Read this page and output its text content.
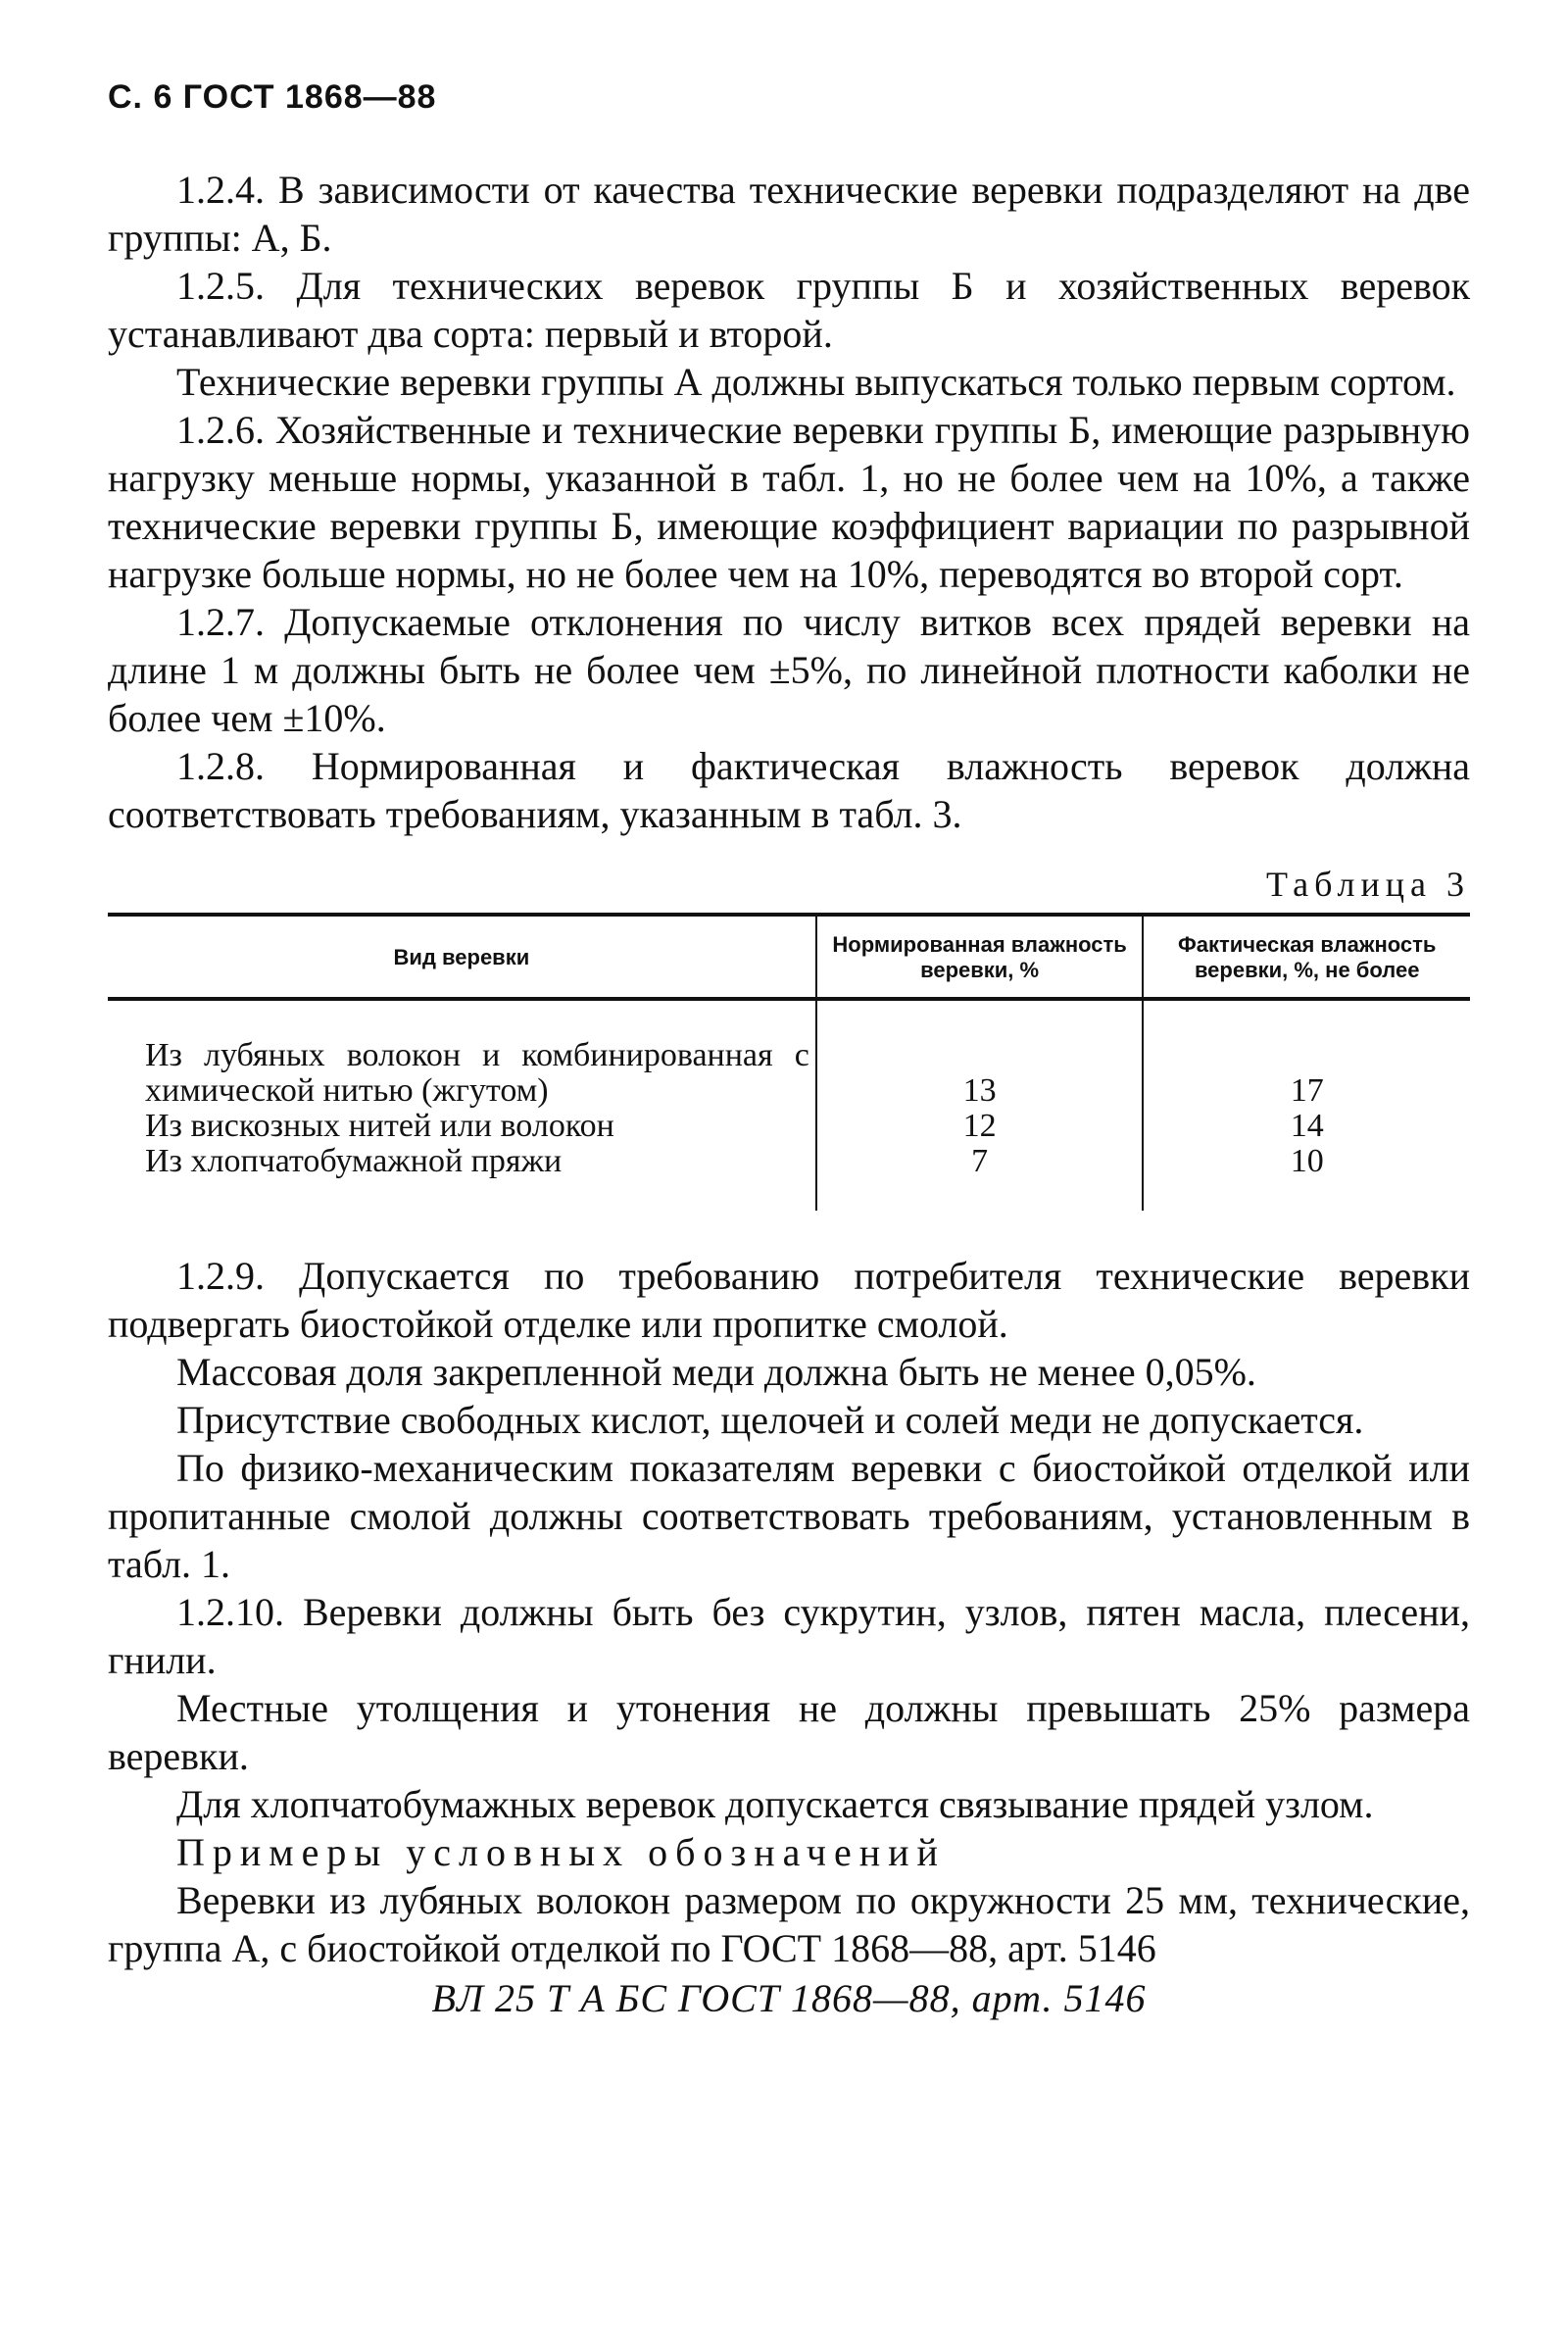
С. 6 ГОСТ 1868—88

1.2.4. В зависимости от качества технические веревки подразделяют на две группы: А, Б.

1.2.5. Для технических веревок группы Б и хозяйственных веревок устанавливают два сорта: первый и второй.

Технические веревки группы А должны выпускаться только первым сортом.

1.2.6. Хозяйственные и технические веревки группы Б, имеющие разрывную нагрузку меньше нормы, указанной в табл. 1, но не более чем на 10%, а также технические веревки группы Б, имеющие коэффициент вариации по разрывной нагрузке больше нормы, но не более чем на 10%, переводятся во второй сорт.

1.2.7. Допускаемые отклонения по числу витков всех прядей веревки на длине 1 м должны быть не более чем ±5%, по линейной плотности каболки не более чем ±10%.

1.2.8. Нормированная и фактическая влажность веревок должна соответствовать требованиям, указанным в табл. 3.

Таблица 3
Вид веревки	Нормированная влажность веревки, %	Фактическая влажность веревки, %, не более
Из лубяных волокон и комбинированная с химической нитью (жгутом)	13	17
Из вискозных нитей или волокон	12	14
Из хлопчатобумажной пряжи	7	10

1.2.9. Допускается по требованию потребителя технические веревки подвергать биостойкой отделке или пропитке смолой.

Массовая доля закрепленной меди должна быть не менее 0,05%.

Присутствие свободных кислот, щелочей и солей меди не допускается.

По физико-механическим показателям веревки с биостойкой отделкой или пропитанные смолой должны соответствовать требованиям, установленным в табл. 1.

1.2.10. Веревки должны быть без сукрутин, узлов, пятен масла, плесени, гнили.

Местные утолщения и утонения не должны превышать 25% размера веревки.

Для хлопчатобумажных веревок допускается связывание прядей узлом.

Примеры условных обозначений

Веревки из лубяных волокон размером по окружности 25 мм, технические, группа А, с биостойкой отделкой по ГОСТ 1868—88, арт. 5146

ВЛ 25 Т А БС ГОСТ 1868—88, арт. 5146
